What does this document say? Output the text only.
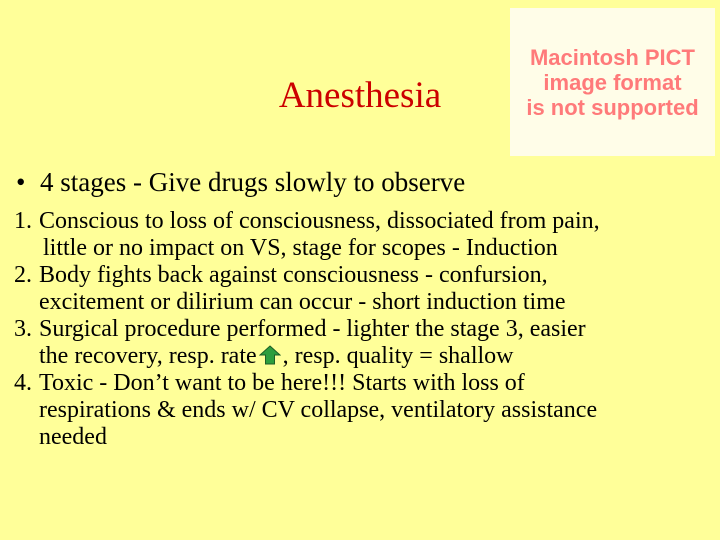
Anesthesia
Macintosh PICT
image format
is not supported
• 4 stages - Give drugs slowly to observe
1. Conscious to loss of consciousness, dissociated from pain,
little or no impact on VS, stage for scopes - Induction
2. Body fights back against consciousness - confursion,
excitement or dilirium can occur - short induction time
3. Surgical procedure performed - lighter the stage 3, easier
the recovery, resp. rate , resp. quality = shallow
4. Toxic - Don’t want to be here!!! Starts with loss of
respirations & ends w/ CV collapse, ventilatory assistance
needed
